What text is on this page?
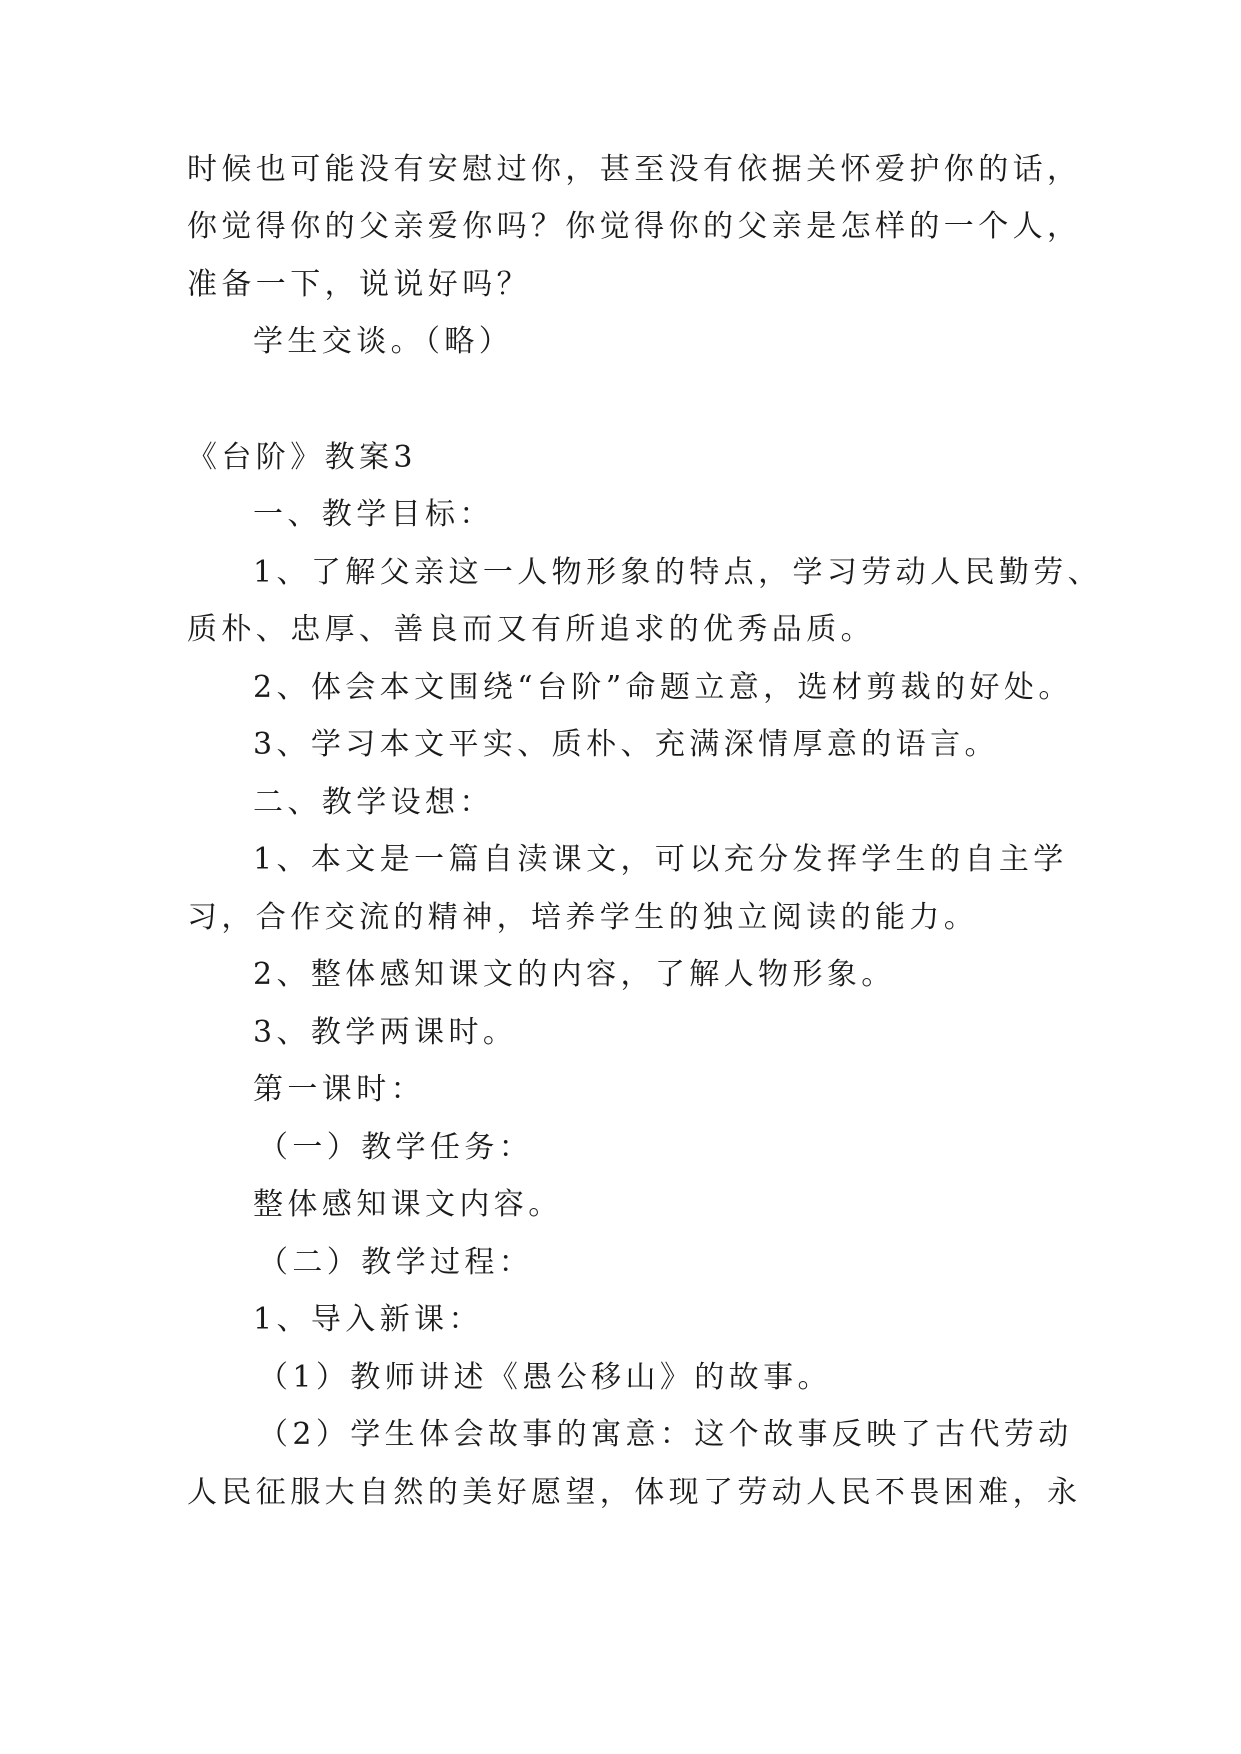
时候也可能没有安慰过你，甚至没有依据关怀爱护你的话，
你觉得你的父亲爱你吗？你觉得你的父亲是怎样的一个人，
准备一下，说说好吗？
学生交谈。（略）
《台阶》教案3
一、教学目标：
1、了解父亲这一人物形象的特点，学习劳动人民勤劳、
质朴、忠厚、善良而又有所追求的优秀品质。
2、体会本文围绕“台阶”命题立意，选材剪裁的好处。
3、学习本文平实、质朴、充满深情厚意的语言。
二、教学设想：
1、本文是一篇自渎课文，可以充分发挥学生的自主学
习，合作交流的精神，培养学生的独立阅读的能力。
2、整体感知课文的内容，了解人物形象。
3、教学两课时。
第一课时：
（一）教学任务：
整体感知课文内容。
（二）教学过程：
1、导入新课：
（1）教师讲述《愚公移山》的故事。
（2）学生体会故事的寓意：这个故事反映了古代劳动
人民征服大自然的美好愿望，体现了劳动人民不畏困难，永
